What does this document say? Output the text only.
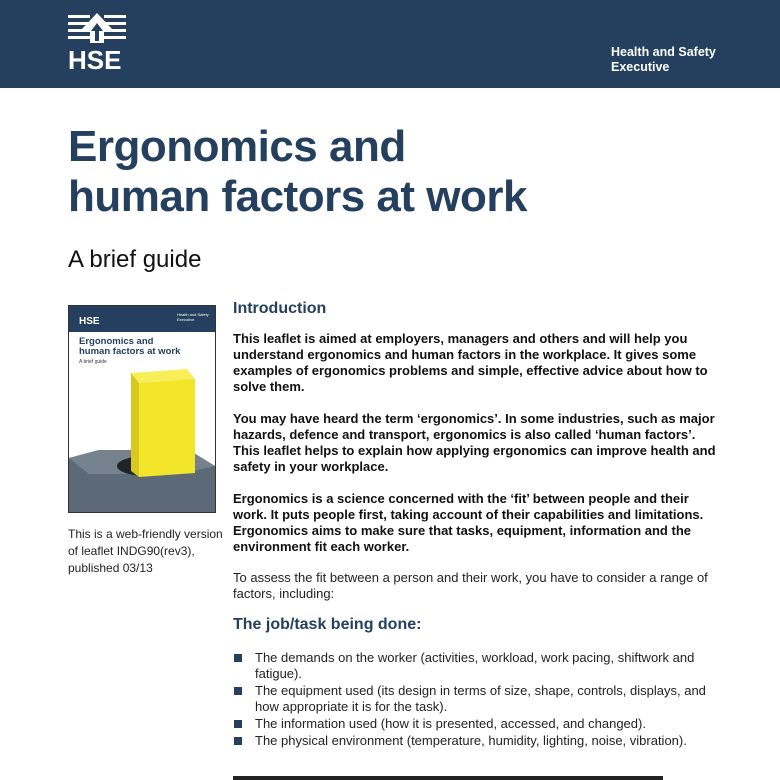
HSE	Health and Safety
Executive
Ergonomics and
human factors at work
A brief guide
HSE
Health and Safety Executive
Ergonomics and
human factors at work
A brief guide
This is a web-friendly version of leaflet INDG90(rev3), published 03/13
Introduction

This leaflet is aimed at employers, managers and others and will help you understand ergonomics and human factors in the workplace. It gives some examples of ergonomics problems and simple, effective advice about how to solve them.

You may have heard the term ‘ergonomics’. In some industries, such as major hazards, defence and transport, ergonomics is also called ‘human factors’. This leaflet helps to explain how applying ergonomics can improve health and safety in your workplace.

Ergonomics is a science concerned with the ‘fit’ between people and their work. It puts people first, taking account of their capabilities and limitations. Ergonomics aims to make sure that tasks, equipment, information and the environment fit each worker.

To assess the fit between a person and their work, you have to consider a range of factors, including:

The job/task being done:
The demands on the worker (activities, workload, work pacing, shiftwork and fatigue).
The equipment used (its design in terms of size, shape, controls, displays, and how appropriate it is for the task).
The information used (how it is presented, accessed, and changed).
The physical environment (temperature, humidity, lighting, noise, vibration).
